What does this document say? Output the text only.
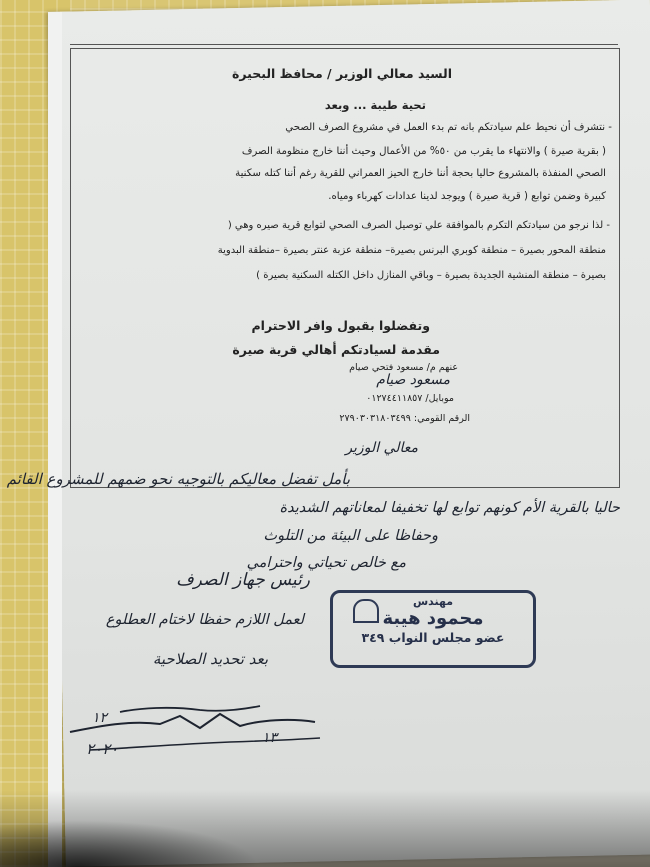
السيد معالي الوزير / محافظ البحيرة
تحية طيبة ... وبعد
- نتشرف أن نحيط علم سيادتكم بانه تم بدء العمل في مشروع الصرف الصحي
( بقرية صيرة ) والانتهاء ما يقرب من ٥٠% من الأعمال وحيث أننا خارج منظومة الصرف
الصحي المنفذة بالمشروع حاليا بحجة أننا خارج الحيز العمراني للقرية رغم أننا كتله سكنية
كبيرة وضمن توابع ( قرية صيرة ) ويوجد لدينا عدادات كهرباء ومياه.
- لذا نرجو من سيادتكم التكرم بالموافقة علي توصيل الصرف الصحي لتوابع قرية صيره وهي (
منطقة المحور بصيرة – منطقة كوبري البرنس بصيرة– منطقة عزبة عنتر بصيرة –منطقة البدوية
بصيرة – منطقة المنشية الجديدة بصيرة – وباقي المنازل داخل الكتله السكنية بصيرة )
وتفضلوا بقبول وافر الاحترام
مقدمة لسيادتكم أهالي قرية صيرة
عنهم م/ مسعود فتحي صيام
مسعود صيام
موبايل/ ٠١٢٧٤٤١١٨٥٧
الرقم القومي: ٢٧٩٠٣٠٣١٨٠٣٤٩٩
معالي الوزير
بأمل تفضل معاليكم بالتوجيه نحو ضمهم للمشروع القائم
حاليا بالقرية الأم كونهم توابع لها تخفيفا لمعاناتهم الشديدة
وحفاظا على البيئة من التلوث
مع خالص تحياتي واحترامي
مهندس
محمود هيبة
عضو مجلس النواب ٣٤٩
رئيس جهاز الصرف
لعمل اللازم حفظا لاختام العطلوع
بعد تحديد الصلاحية
١٢
١٣
٢٠٢٠
